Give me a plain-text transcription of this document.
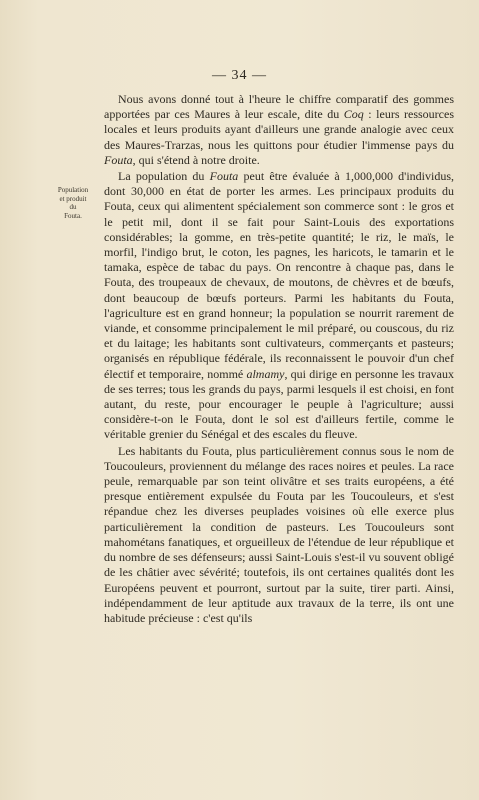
— 34 —
Population
et produit
du
Fouta.

Nous avons donné tout à l'heure le chiffre comparatif des gommes apportées par ces Maures à leur escale, dite du Coq : leurs ressources locales et leurs produits ayant d'ailleurs une grande analogie avec ceux des Maures-Trarzas, nous les quittons pour étudier l'immense pays du Fouta, qui s'étend à notre droite.

La population du Fouta peut être évaluée à 1,000,000 d'individus, dont 30,000 en état de porter les armes. Les principaux produits du Fouta, ceux qui alimentent spécialement son commerce sont : le gros et le petit mil, dont il se fait pour Saint-Louis des exportations considérables; la gomme, en très-petite quantité; le riz, le maïs, le morfil, l'indigo brut, le coton, les pagnes, les haricots, le tamarin et le tamaka, espèce de tabac du pays. On rencontre à chaque pas, dans le Fouta, des troupeaux de chevaux, de moutons, de chèvres et de bœufs, dont beaucoup de bœufs porteurs. Parmi les habitants du Fouta, l'agriculture est en grand honneur; la population se nourrit rarement de viande, et consomme principalement le mil préparé, ou couscous, du riz et du laitage; les habitants sont cultivateurs, commerçants et pasteurs; organisés en république fédérale, ils reconnaissent le pouvoir d'un chef électif et temporaire, nommé almamy, qui dirige en personne les travaux de ses terres; tous les grands du pays, parmi lesquels il est choisi, en font autant, du reste, pour encourager le peuple à l'agriculture; aussi considère-t-on le Fouta, dont le sol est d'ailleurs fertile, comme le véritable grenier du Sénégal et des escales du fleuve.

Les habitants du Fouta, plus particulièrement connus sous le nom de Toucouleurs, proviennent du mélange des races noires et peules. La race peule, remarquable par son teint olivâtre et ses traits européens, a été presque entièrement expulsée du Fouta par les Toucouleurs, et s'est répandue chez les diverses peuplades voisines où elle exerce plus particulièrement la condition de pasteurs. Les Toucouleurs sont mahométans fanatiques, et orgueilleux de l'étendue de leur république et du nombre de ses défenseurs; aussi Saint-Louis s'est-il vu souvent obligé de les châtier avec sévérité; toutefois, ils ont certaines qualités dont les Européens peuvent et pourront, surtout par la suite, tirer parti. Ainsi, indépendamment de leur aptitude aux travaux de la terre, ils ont une habitude précieuse : c'est qu'ils
